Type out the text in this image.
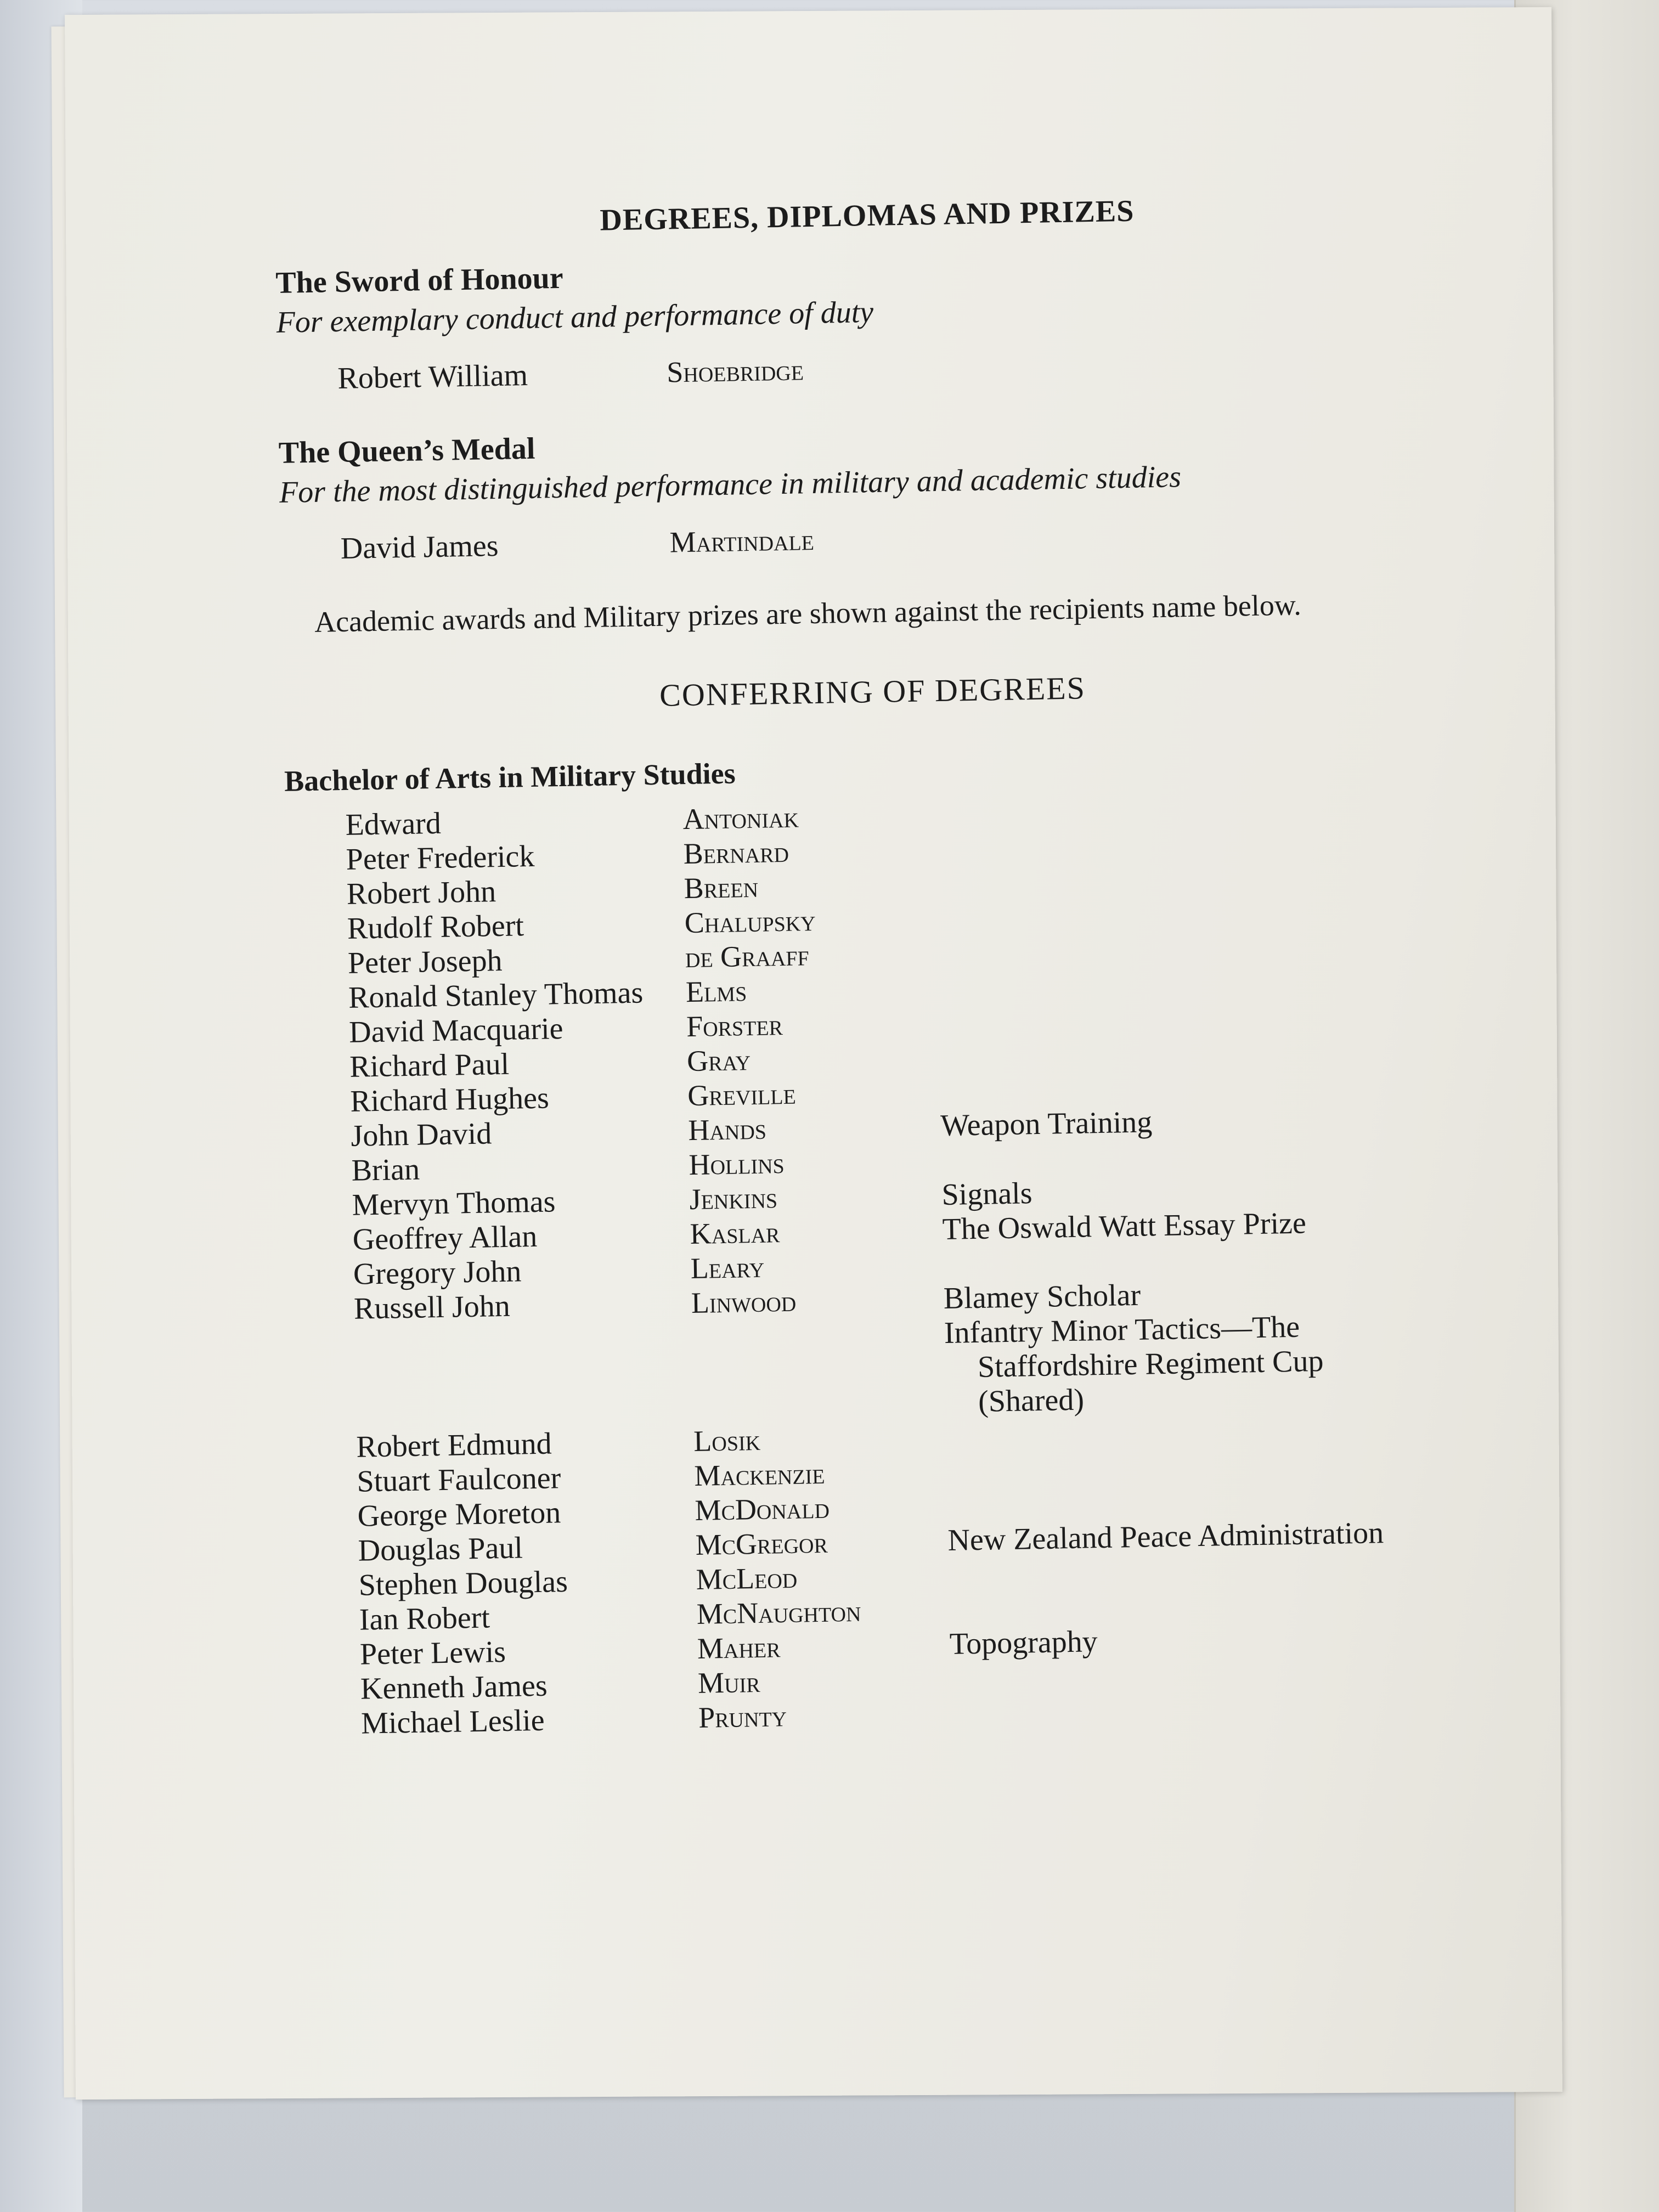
DEGREES, DIPLOMAS AND PRIZES
The Sword of Honour
For exemplary conduct and performance of duty
Robert William	Shoebridge
The Queen’s Medal
For the most distinguished performance in military and academic studies
David James	Martindale

Academic awards and Military prizes are shown against the recipients name below.

CONFERRING OF DEGREES
Bachelor of Arts in Military Studies
Edward	Antoniak
Peter Frederick	Bernard
Robert John	Breen
Rudolf Robert	Chalupsky
Peter Joseph	de Graaff
Ronald Stanley Thomas	Elms
David Macquarie	Forster
Richard Paul	Gray
Richard Hughes	Greville
John David	Hands	Weapon Training
Brian	Hollins
Mervyn Thomas	Jenkins	Signals
Geoffrey Allan	Kaslar	The Oswald Watt Essay Prize
Gregory John	Leary
Russell John	Linwood	Blamey Scholar
Infantry Minor Tactics—The
Staffordshire Regiment Cup
(Shared)
Robert Edmund	Losik
Stuart Faulconer	Mackenzie
George Moreton	McDonald
Douglas Paul	McGregor	New Zealand Peace Administration
Stephen Douglas	McLeod
Ian Robert	McNaughton
Peter Lewis	Maher	Topography
Kenneth James	Muir
Michael Leslie	Prunty
